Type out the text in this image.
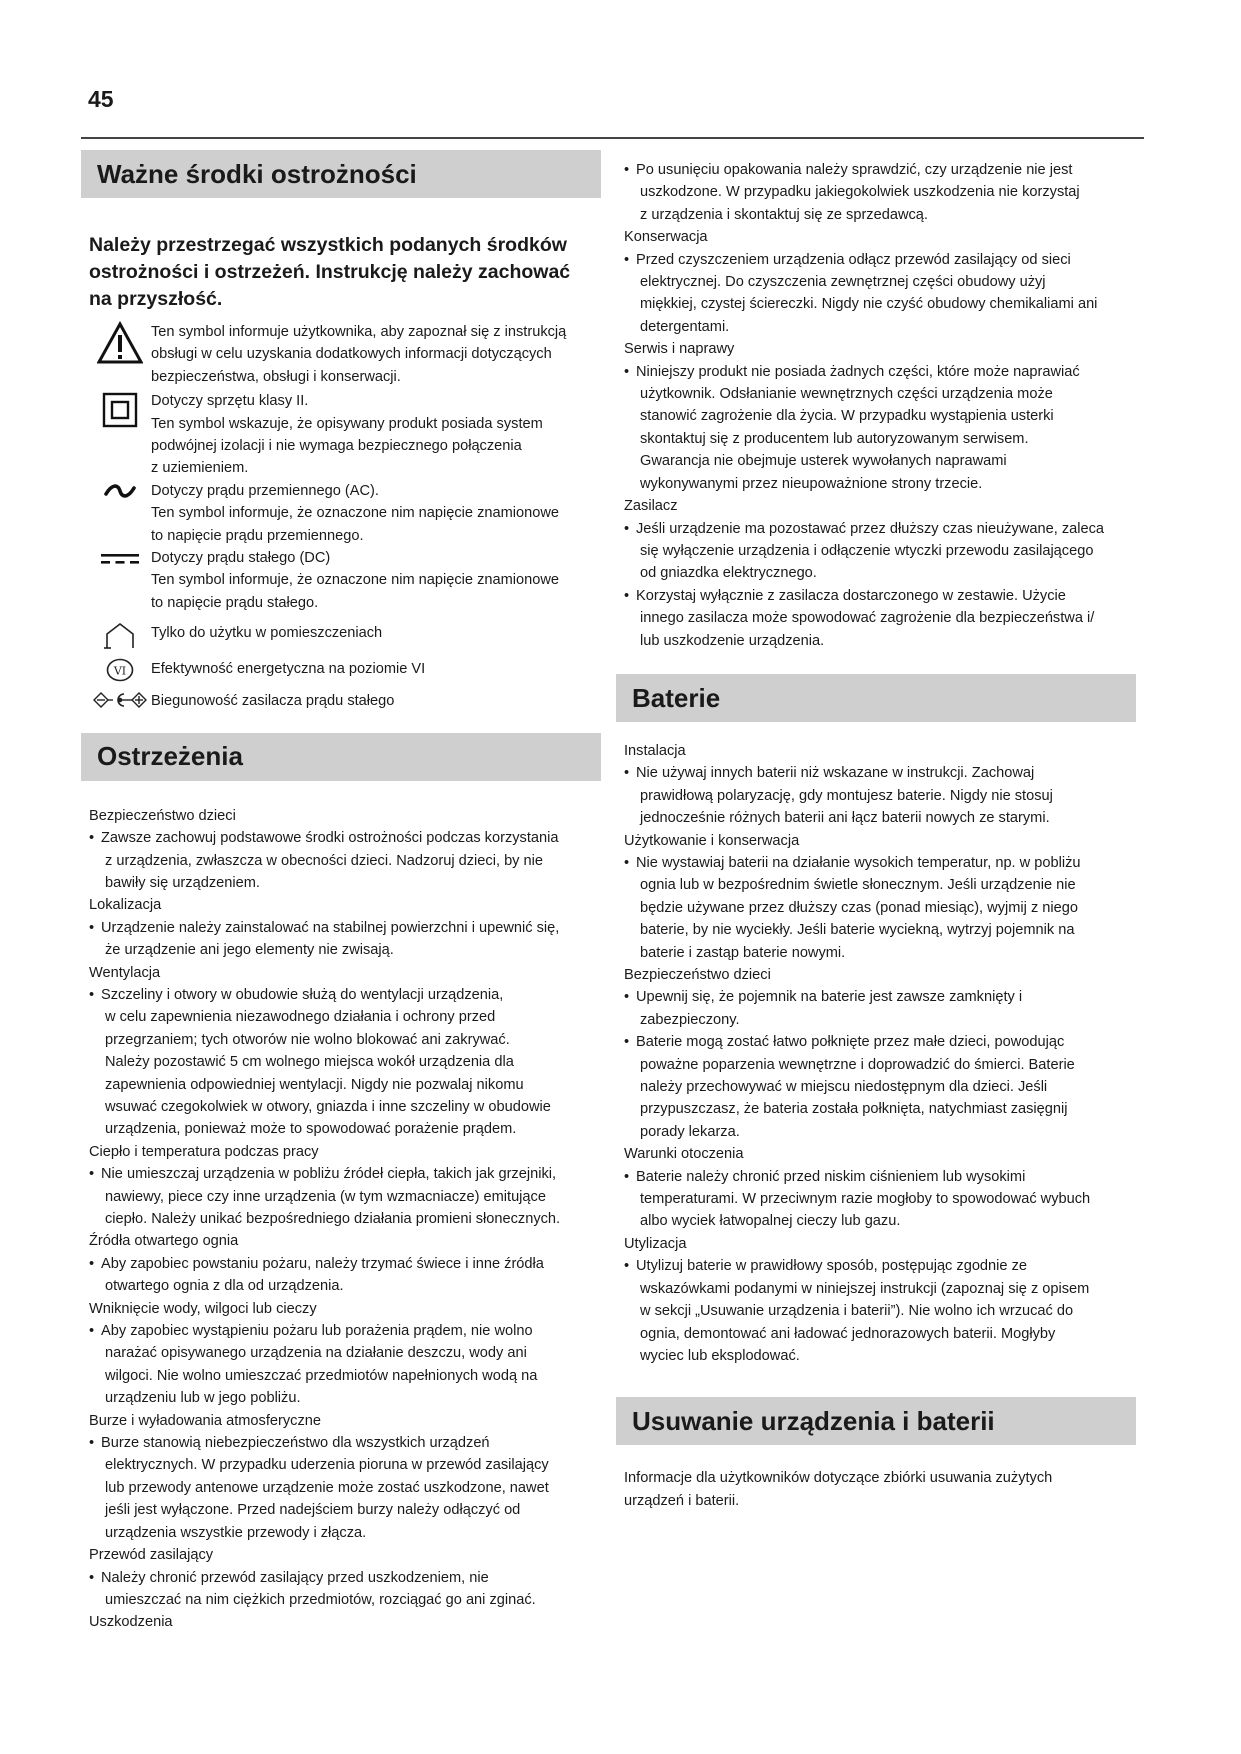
45
Ważne środki ostrożności
Należy przestrzegać wszystkich podanych środków
ostrożności i ostrzeżeń. Instrukcję należy zachować
na przyszłość.
Ten symbol informuje użytkownika, aby zapoznał się z instrukcją
obsługi w celu uzyskania dodatkowych informacji dotyczących
bezpieczeństwa, obsługi i konserwacji.
Dotyczy sprzętu klasy II.
Ten symbol wskazuje, że opisywany produkt posiada system
podwójnej izolacji i nie wymaga bezpiecznego połączenia
z uziemieniem.
Dotyczy prądu przemiennego (AC).
Ten symbol informuje, że oznaczone nim napięcie znamionowe
to napięcie prądu przemiennego.
Dotyczy prądu stałego (DC)
Ten symbol informuje, że oznaczone nim napięcie znamionowe
to napięcie prądu stałego.
Tylko do użytku w pomieszczeniach
VI Efektywność energetyczna na poziomie VI
Biegunowość zasilacza prądu stałego
Ostrzeżenia
Bezpieczeństwo dzieci
• Zawsze zachowuj podstawowe środki ostrożności podczas korzystania
z urządzenia, zwłaszcza w obecności dzieci. Nadzoruj dzieci, by nie
bawiły się urządzeniem.
Lokalizacja
• Urządzenie należy zainstalować na stabilnej powierzchni i upewnić się,
że urządzenie ani jego elementy nie zwisają.
Wentylacja
• Szczeliny i otwory w obudowie służą do wentylacji urządzenia,
w celu zapewnienia niezawodnego działania i ochrony przed
przegrzaniem; tych otworów nie wolno blokować ani zakrywać.
Należy pozostawić 5 cm wolnego miejsca wokół urządzenia dla
zapewnienia odpowiedniej wentylacji. Nigdy nie pozwalaj nikomu
wsuwać czegokolwiek w otwory, gniazda i inne szczeliny w obudowie
urządzenia, ponieważ może to spowodować porażenie prądem.
Ciepło i temperatura podczas pracy
• Nie umieszczaj urządzenia w pobliżu źródeł ciepła, takich jak grzejniki,
nawiewy, piece czy inne urządzenia (w tym wzmacniacze) emitujące
ciepło. Należy unikać bezpośredniego działania promieni słonecznych.
Źródła otwartego ognia
• Aby zapobiec powstaniu pożaru, należy trzymać świece i inne źródła
otwartego ognia z dla od urządzenia.
Wniknięcie wody, wilgoci lub cieczy
• Aby zapobiec wystąpieniu pożaru lub porażenia prądem, nie wolno
narażać opisywanego urządzenia na działanie deszczu, wody ani
wilgoci. Nie wolno umieszczać przedmiotów napełnionych wodą na
urządzeniu lub w jego pobliżu.
Burze i wyładowania atmosferyczne
• Burze stanowią niebezpieczeństwo dla wszystkich urządzeń
elektrycznych. W przypadku uderzenia pioruna w przewód zasilający
lub przewody antenowe urządzenie może zostać uszkodzone, nawet
jeśli jest wyłączone. Przed nadejściem burzy należy odłączyć od
urządzenia wszystkie przewody i złącza.
Przewód zasilający
• Należy chronić przewód zasilający przed uszkodzeniem, nie
umieszczać na nim ciężkich przedmiotów, rozciągać go ani zginać.
Uszkodzenia
• Po usunięciu opakowania należy sprawdzić, czy urządzenie nie jest
uszkodzone. W przypadku jakiegokolwiek uszkodzenia nie korzystaj
z urządzenia i skontaktuj się ze sprzedawcą.
Konserwacja
• Przed czyszczeniem urządzenia odłącz przewód zasilający od sieci
elektrycznej. Do czyszczenia zewnętrznej części obudowy użyj
miękkiej, czystej ściereczki. Nigdy nie czyść obudowy chemikaliami ani
detergentami.
Serwis i naprawy
• Niniejszy produkt nie posiada żadnych części, które może naprawiać
użytkownik. Odsłanianie wewnętrznych części urządzenia może
stanowić zagrożenie dla życia. W przypadku wystąpienia usterki
skontaktuj się z producentem lub autoryzowanym serwisem.
Gwarancja nie obejmuje usterek wywołanych naprawami
wykonywanymi przez nieupoważnione strony trzecie.
Zasilacz
• Jeśli urządzenie ma pozostawać przez dłuższy czas nieużywane, zaleca
się wyłączenie urządzenia i odłączenie wtyczki przewodu zasilającego
od gniazdka elektrycznego.
• Korzystaj wyłącznie z zasilacza dostarczonego w zestawie. Użycie
innego zasilacza może spowodować zagrożenie dla bezpieczeństwa i/
lub uszkodzenie urządzenia.
Baterie
Instalacja
• Nie używaj innych baterii niż wskazane w instrukcji. Zachowaj
prawidłową polaryzację, gdy montujesz baterie. Nigdy nie stosuj
jednocześnie różnych baterii ani łącz baterii nowych ze starymi.
Użytkowanie i konserwacja
• Nie wystawiaj baterii na działanie wysokich temperatur, np. w pobliżu
ognia lub w bezpośrednim świetle słonecznym. Jeśli urządzenie nie
będzie używane przez dłuższy czas (ponad miesiąc), wyjmij z niego
baterie, by nie wyciekły. Jeśli baterie wyciekną, wytrzyj pojemnik na
baterie i zastąp baterie nowymi.
Bezpieczeństwo dzieci
• Upewnij się, że pojemnik na baterie jest zawsze zamknięty i
zabezpieczony.
• Baterie mogą zostać łatwo połknięte przez małe dzieci, powodując
poważne poparzenia wewnętrzne i doprowadzić do śmierci. Baterie
należy przechowywać w miejscu niedostępnym dla dzieci. Jeśli
przypuszczasz, że bateria została połknięta, natychmiast zasięgnij
porady lekarza.
Warunki otoczenia
• Baterie należy chronić przed niskim ciśnieniem lub wysokimi
temperaturami. W przeciwnym razie mogłoby to spowodować wybuch
albo wyciek łatwopalnej cieczy lub gazu.
Utylizacja
• Utylizuj baterie w prawidłowy sposób, postępując zgodnie ze
wskazówkami podanymi w niniejszej instrukcji (zapoznaj się z opisem
w sekcji „Usuwanie urządzenia i baterii”). Nie wolno ich wrzucać do
ognia, demontować ani ładować jednorazowych baterii. Mogłyby
wyciec lub eksplodować.
Usuwanie urządzenia i baterii
Informacje dla użytkowników dotyczące zbiórki usuwania zużytych
urządzeń i baterii.
